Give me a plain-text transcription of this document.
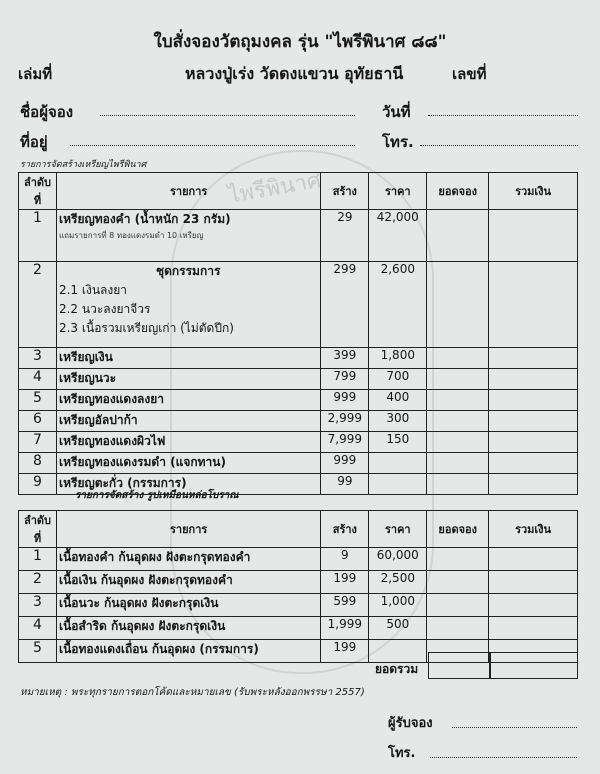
ไพรีพินาศ
ใบสั่งจองวัตถุมงคล รุ่น "ไพรีพินาศ ๘๘"
เล่มที่	หลวงปู่เร่ง วัดดงแขวน อุทัยธานี	เลขที่
ชื่อผู้จอง	วันที่
ที่อยู่	โทร.
รายการจัดสร้างเหรียญไพรีพินาศ
ลำดับที่	รายการ	สร้าง	ราคา	ยอดจอง	รวมเงิน
1	เหรียญทองคำ (น้ำหนัก 23 กรัม)
แถมรายการที่ 8 ทองแดงรมดำ 10 เหรียญ	29	42,000		
2	ชุดกรรมการ
2.1 เงินลงยา
2.2 นวะลงยาจีวร
2.3 เนื้อรวมเหรียญเก่า (ไม่ตัดปีก)	299	2,600		
3	เหรียญเงิน	399	1,800		
4	เหรียญนวะ	799	700		
5	เหรียญทองแดงลงยา	999	400		
6	เหรียญอัลปาก้า	2,999	300		
7	เหรียญทองแดงผิวไฟ	7,999	150		
8	เหรียญทองแดงรมดำ (แจกทาน)	999			
9	เหรียญตะกั่ว (กรรมการ)	99			
รายการจัดสร้าง รูปเหมือนหล่อโบราณ
ลำดับที่	รายการ	สร้าง	ราคา	ยอดจอง	รวมเงิน
1	เนื้อทองคำ ก้นอุดผง ฝังตะกรุดทองคำ	9	60,000		
2	เนื้อเงิน ก้นอุดผง ฝังตะกรุดทองคำ	199	2,500		
3	เนื้อนวะ ก้นอุดผง ฝังตะกรุดเงิน	599	1,000		
4	เนื้อสำริด ก้นอุดผง ฝังตะกรุดเงิน	1,999	500		
5	เนื้อทองแดงเถื่อน ก้นอุดผง (กรรมการ)	199			
ยอดรวม
หมายเหตุ : พระทุกรายการตอกโค้ดและหมายเลข (รับพระหลังออกพรรษา 2557)
ผู้รับจอง
โทร.
